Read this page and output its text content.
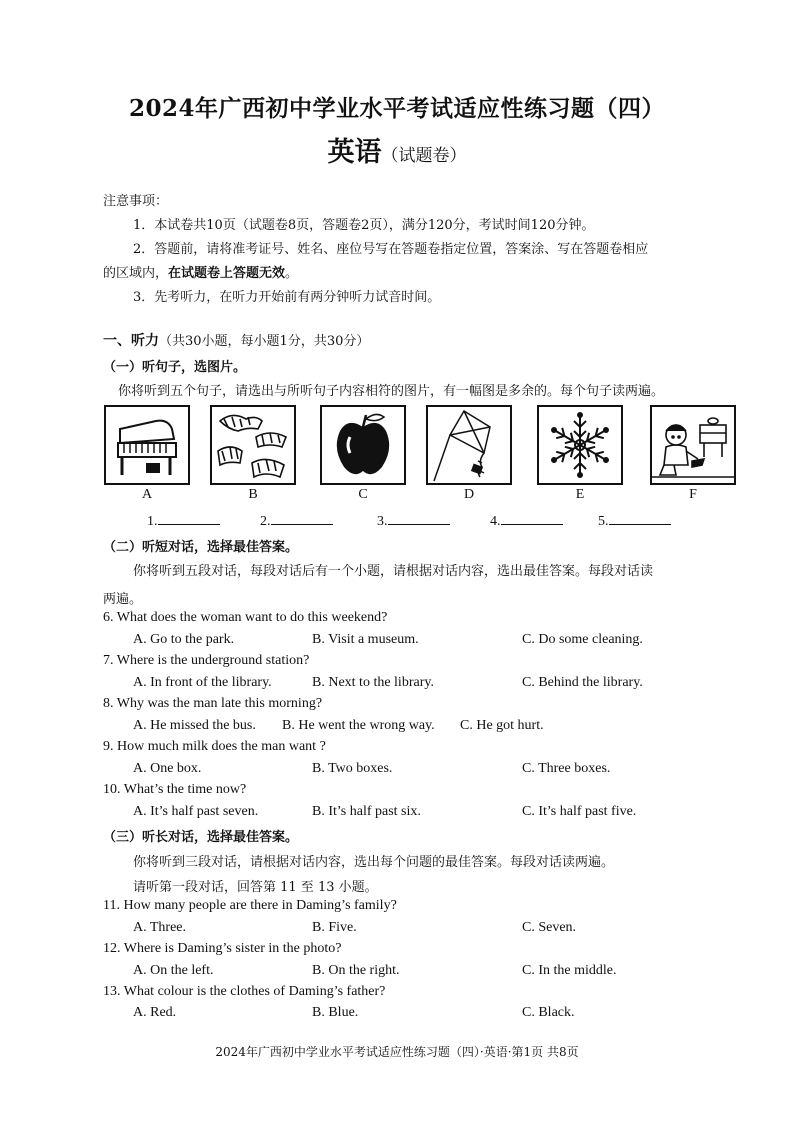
2024年广西初中学业水平考试适应性练习题（四）
英语（试题卷）
注意事项：
1．本试卷共10页（试题卷8页，答题卷2页），满分120分，考试时间120分钟。
2．答题前，请将准考证号、姓名、座位号写在答题卷指定位置，答案涂、写在答题卷相应
的区域内，在试题卷上答题无效。
3．先考听力，在听力开始前有两分钟听力试音时间。
一、听力（共30小题，每小题1分，共30分）
（一）听句子，选图片。
你将听到五个句子，请选出与所听句子内容相符的图片，有一幅图是多余的。每个句子读两遍。
A	B	C	D	E	F
1.	2.	3.	4.	5.
（二）听短对话，选择最佳答案。
你将听到五段对话，每段对话后有一个小题，请根据对话内容，选出最佳答案。每段对话读
两遍。
6. What does the woman want to do this weekend?
A. Go to the park.	B. Visit a museum.	C. Do some cleaning.
7. Where is the underground station?
A. In front of the library.	B. Next to the library.	C. Behind the library.
8. Why was the man late this morning?
A. He missed the bus. B. He went the wrong way. C. He got hurt.
9. How much milk does the man want ?
A. One box.	B. Two boxes.	C. Three boxes.
10. What’s the time now?
A. It’s half past seven.	B. It’s half past six.	C. It’s half past five.
（三）听长对话，选择最佳答案。
你将听到三段对话，请根据对话内容，选出每个问题的最佳答案。每段对话读两遍。
请听第一段对话，回答第 11 至 13 小题。
11. How many people are there in Daming’s family?
A. Three.	B. Five.	C. Seven.
12. Where is Daming’s sister in the photo?
A. On the left.	B. On the right.	C. In the middle.
13. What colour is the clothes of Daming’s father?
A. Red.	B. Blue.	C. Black.
2024年广西初中学业水平考试适应性练习题（四）·英语·第1页 共8页
